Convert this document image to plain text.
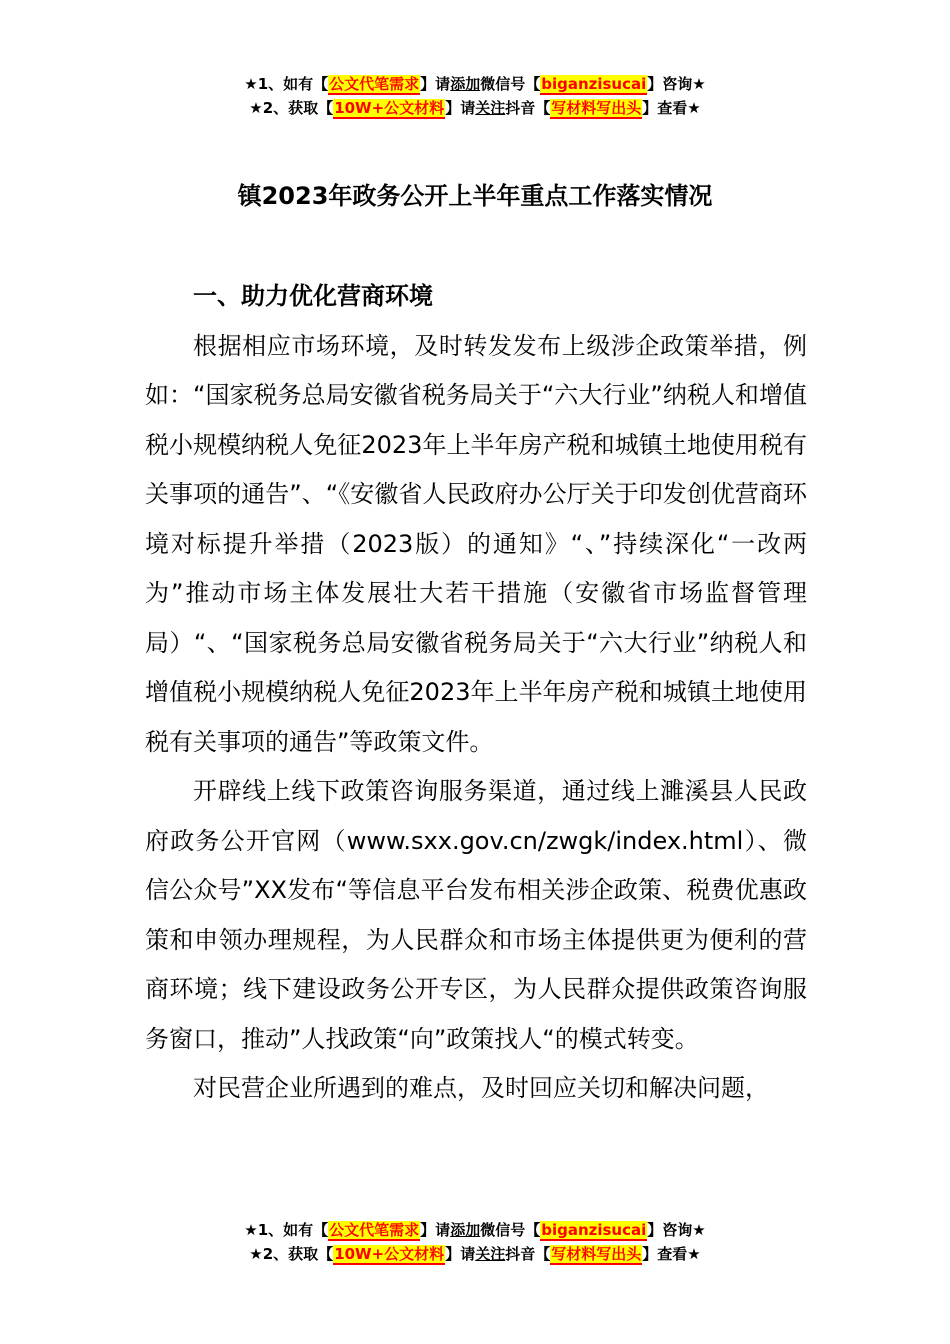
★1、如有【公文代笔需求】请添加微信号【biganzisucai】咨询★
★2、获取【10W+公文材料】请关注抖音【写材料写出头】查看★
镇2023年政务公开上半年重点工作落实情况

一、助力优化营商环境

根据相应市场环境，及时转发发布上级涉企政策举措，例如：“国家税务总局安徽省税务局关于“六大行业”纳税人和增值税小规模纳税人免征2023年上半年房产税和城镇土地使用税有关事项的通告”、“《安徽省人民政府办公厅关于印发创优营商环境对标提升举措（2023版）的通知》“、”持续深化“一改两为”推动市场主体发展壮大若干措施（安徽省市场监督管理局）“、“国家税务总局安徽省税务局关于“六大行业”纳税人和增值税小规模纳税人免征2023年上半年房产税和城镇土地使用税有关事项的通告”等政策文件。

开辟线上线下政策咨询服务渠道，通过线上濉溪县人民政府政务公开官网（www.sxx.gov.cn/zwgk/index.html）、微信公众号”XX发布“等信息平台发布相关涉企政策、税费优惠政策和申领办理规程，为人民群众和市场主体提供更为便利的营商环境；线下建设政务公开专区，为人民群众提供政策咨询服务窗口，推动”人找政策“向”政策找人“的模式转变。

对民营企业所遇到的难点，及时回应关切和解决问题，

★1、如有【公文代笔需求】请添加微信号【biganzisucai】咨询★
★2、获取【10W+公文材料】请关注抖音【写材料写出头】查看★
